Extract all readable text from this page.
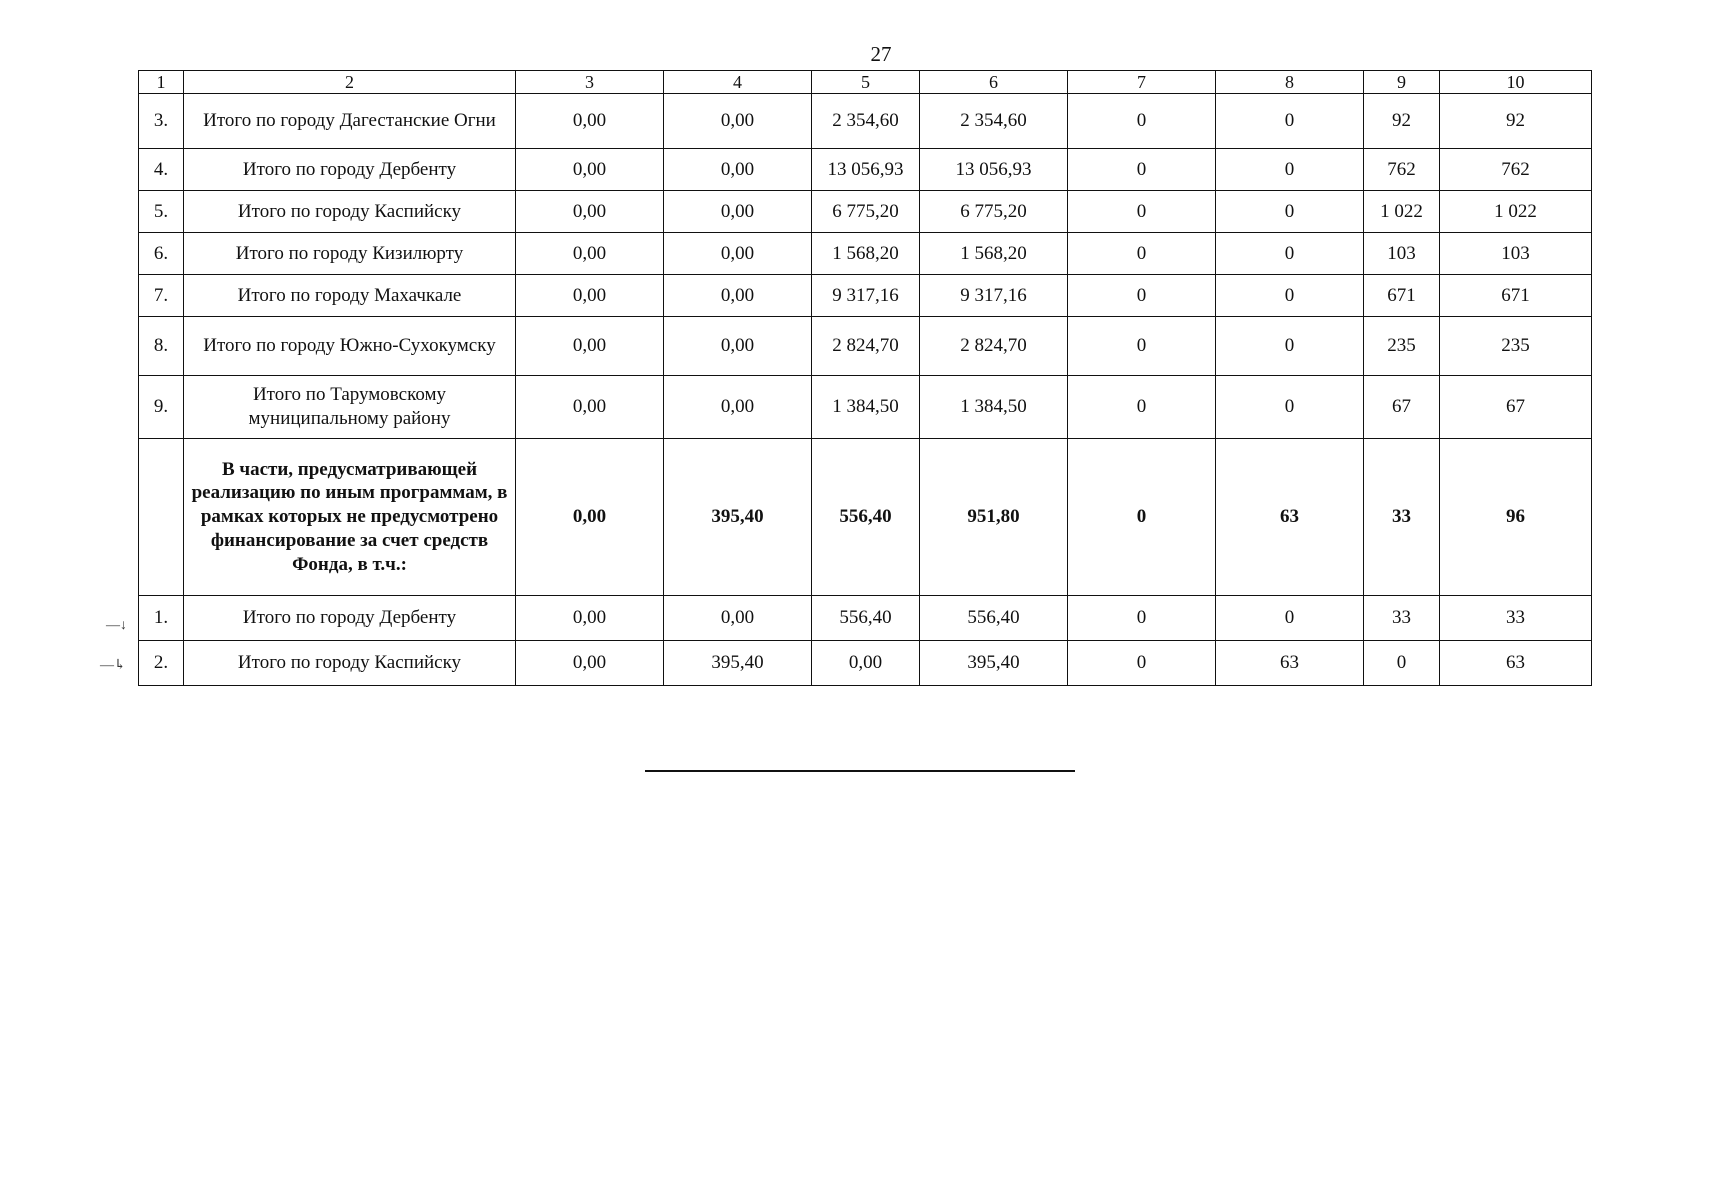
27
1	2	3	4	5	6	7	8	9	10
3.	Итого по городу Дагестанские Огни	0,00	0,00	2 354,60	2 354,60	0	0	92	92
4.	Итого по городу Дербенту	0,00	0,00	13 056,93	13 056,93	0	0	762	762
5.	Итого по городу Каспийску	0,00	0,00	6 775,20	6 775,20	0	0	1 022	1 022
6.	Итого по городу Кизилюрту	0,00	0,00	1 568,20	1 568,20	0	0	103	103
7.	Итого по городу Махачкале	0,00	0,00	9 317,16	9 317,16	0	0	671	671
8.	Итого по городу Южно-Сухокумску	0,00	0,00	2 824,70	2 824,70	0	0	235	235
9.	Итого по Тарумовскому муниципальному району	0,00	0,00	1 384,50	1 384,50	0	0	67	67
	В части, предусматривающей реализацию по иным программам, в рамках которых не предусмотрено финансирование за счет средств Фонда, в т.ч.:	0,00	395,40	556,40	951,80	0	63	33	96
1.	Итого по городу Дербенту	0,00	0,00	556,40	556,40	0	0	33	33
2.	Итого по городу Каспийску	0,00	395,40	0,00	395,40	0	63	0	63
—↓
—↳
